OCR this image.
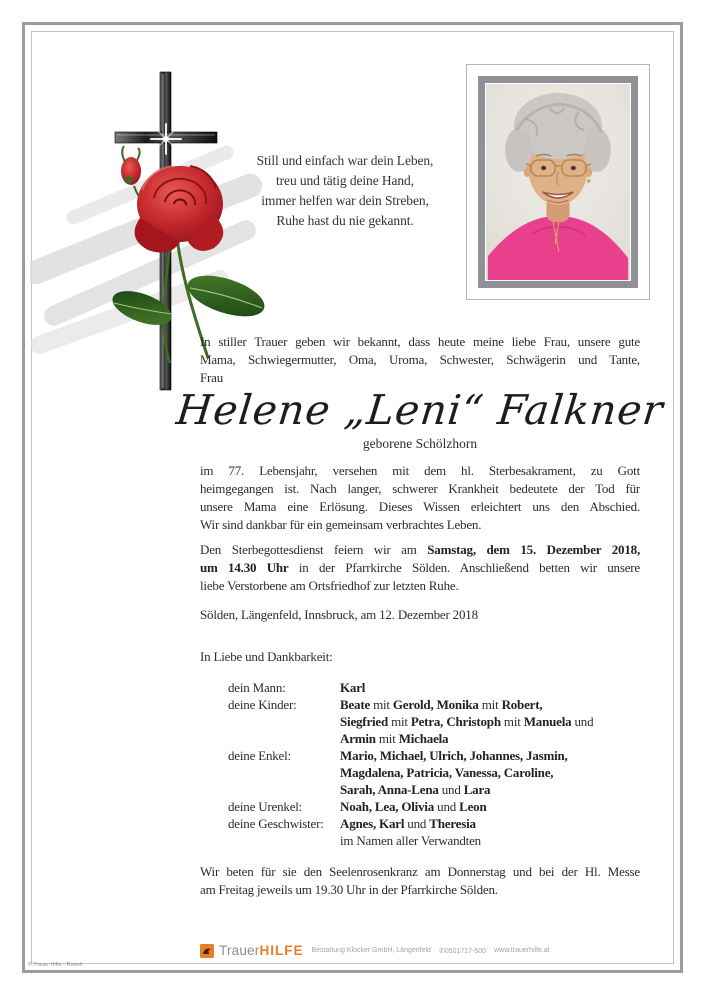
Still und einfach war dein Leben,
treu und tätig deine Hand,
immer helfen war dein Streben,
Ruhe hast du nie gekannt.
In stiller Trauer geben wir bekannt, dass heute meine liebe Frau, unsere gute
Mama, Schwiegermutter, Oma, Uroma, Schwester, Schwägerin und Tante,
Frau
Helene „Leni“ Falkner
geborene Schölzhorn
im 77. Lebensjahr, versehen mit dem hl. Sterbesakrament, zu Gott
heimgegangen ist. Nach langer, schwerer Krankheit bedeutete der Tod für
unsere Mama eine Erlösung. Dieses Wissen erleichtert uns den Abschied.
Wir sind dankbar für ein gemeinsam verbrachtes Leben.
Den Sterbegottesdienst feiern wir am Samstag, dem 15. Dezember 2018,
um 14.30 Uhr in der Pfarrkirche Sölden. Anschließend betten wir unsere
liebe Verstorbene am Ortsfriedhof zur letzten Ruhe.
Sölden, Längenfeld, Innsbruck, am 12. Dezember 2018
In Liebe und Dankbarkeit:
dein Mann:	Karl
deine Kinder:	Beate mit Gerold, Monika mit Robert,
Siegfried mit Petra, Christoph mit Manuela und
Armin mit Michaela
deine Enkel:	Mario, Michael, Ulrich, Johannes, Jasmin,
Magdalena, Patricia, Vanessa, Caroline,
Sarah, Anna-Lena und Lara
deine Urenkel:	Noah, Lea, Olivia und Leon
deine Geschwister:	Agnes, Karl und Theresia
im Namen aller Verwandten
Wir beten für sie den Seelenrosenkranz am Donnerstag und bei der Hl. Messe
am Freitag jeweils um 19.30 Uhr in der Pfarrkirche Sölden.
TrauerHILFE Bestattung Klocker GmbH, Längenfeld ✆0501717-500 www.trauerhilfe.at
© Trauer Hilfe - Rose4
